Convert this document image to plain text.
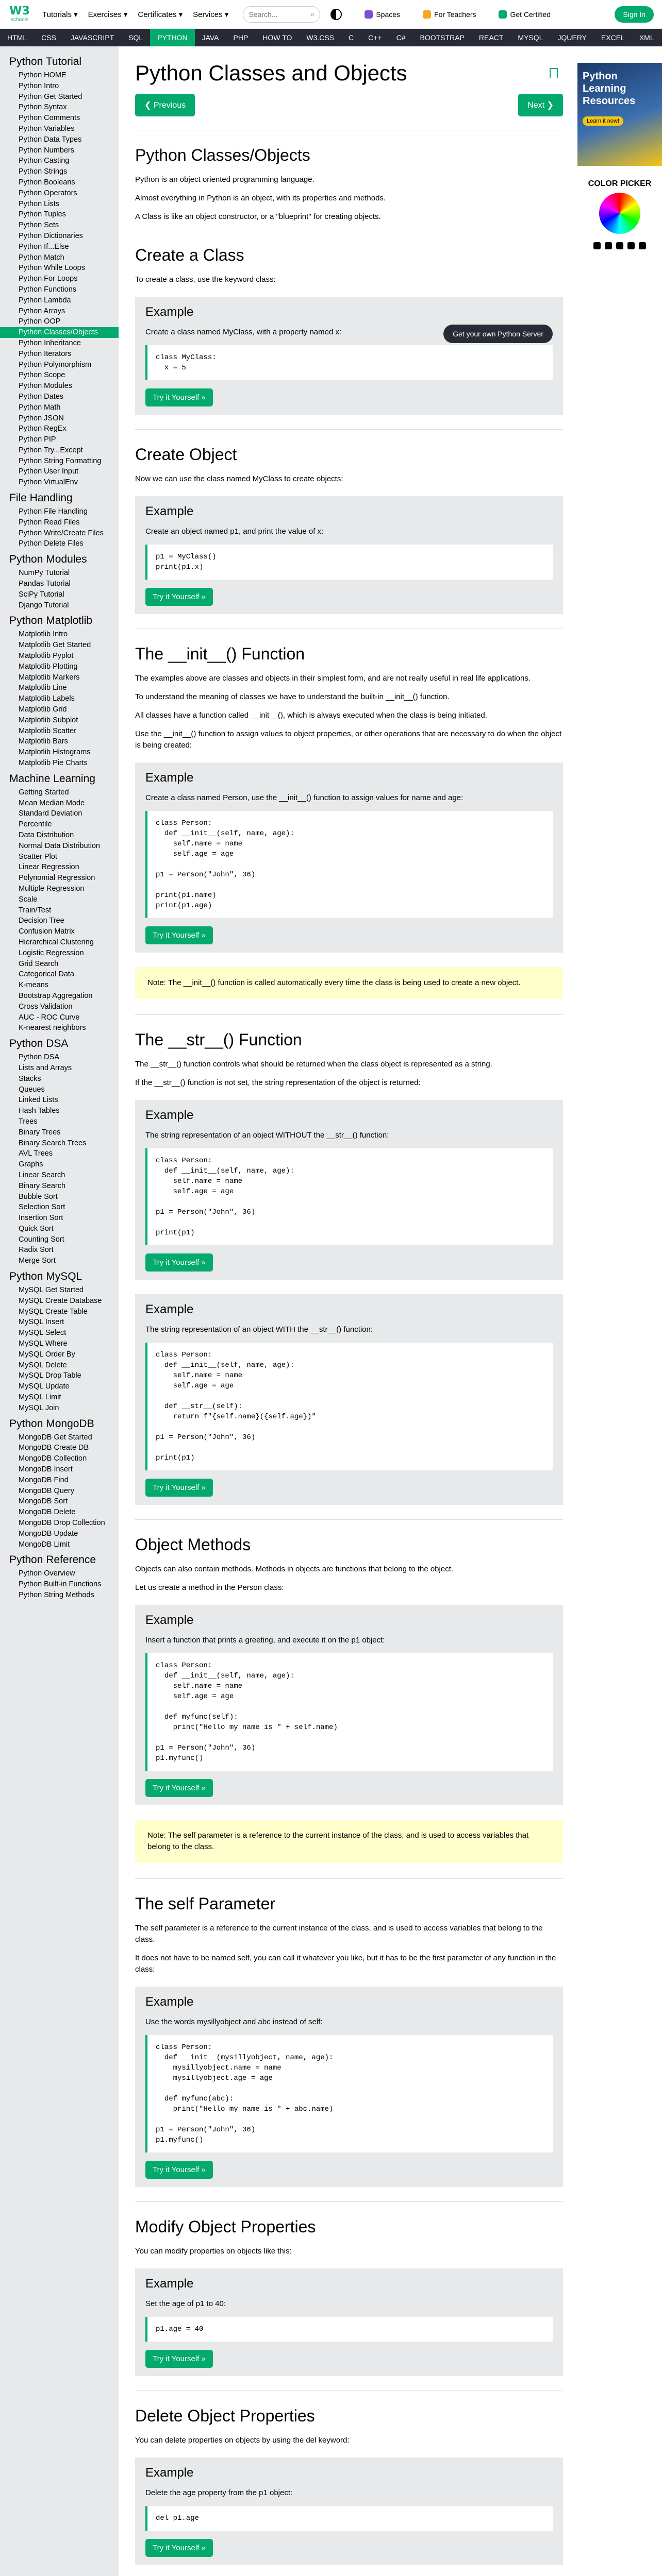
W3
schools
Tutorials ▾ Exercises ▾ Certificates ▾ Services ▾	Search...	⌕	Spaces	For Teachers	Get Certified	Sign In
HTML	CSS	JAVASCRIPT	SQL	PYTHON	JAVA	PHP	HOW TO	W3.CSS	C	C++	C#	BOOTSTRAP	REACT	MYSQL	JQUERY	EXCEL	XML
Python Tutorial
Python HOME
Python Intro
Python Get Started
Python Syntax
Python Comments
Python Variables
Python Data Types
Python Numbers
Python Casting
Python Strings
Python Booleans
Python Operators
Python Lists
Python Tuples
Python Sets
Python Dictionaries
Python If...Else
Python Match
Python While Loops
Python For Loops
Python Functions
Python Lambda
Python Arrays
Python OOP
Python Classes/Objects
Python Inheritance
Python Iterators
Python Polymorphism
Python Scope
Python Modules
Python Dates
Python Math
Python JSON
Python RegEx
Python PIP
Python Try...Except
Python String Formatting
Python User Input
Python VirtualEnv
File Handling
Python File Handling
Python Read Files
Python Write/Create Files
Python Delete Files
Python Modules
NumPy Tutorial
Pandas Tutorial
SciPy Tutorial
Django Tutorial
Python Matplotlib
Matplotlib Intro
Matplotlib Get Started
Matplotlib Pyplot
Matplotlib Plotting
Matplotlib Markers
Matplotlib Line
Matplotlib Labels
Matplotlib Grid
Matplotlib Subplot
Matplotlib Scatter
Matplotlib Bars
Matplotlib Histograms
Matplotlib Pie Charts
Machine Learning
Getting Started
Mean Median Mode
Standard Deviation
Percentile
Data Distribution
Normal Data Distribution
Scatter Plot
Linear Regression
Polynomial Regression
Multiple Regression
Scale
Train/Test
Decision Tree
Confusion Matrix
Hierarchical Clustering
Logistic Regression
Grid Search
Categorical Data
K-means
Bootstrap Aggregation
Cross Validation
AUC - ROC Curve
K-nearest neighbors
Python DSA
Python DSA
Lists and Arrays
Stacks
Queues
Linked Lists
Hash Tables
Trees
Binary Trees
Binary Search Trees
AVL Trees
Graphs
Linear Search
Binary Search
Bubble Sort
Selection Sort
Insertion Sort
Quick Sort
Counting Sort
Radix Sort
Merge Sort
Python MySQL
MySQL Get Started
MySQL Create Database
MySQL Create Table
MySQL Insert
MySQL Select
MySQL Where
MySQL Order By
MySQL Delete
MySQL Drop Table
MySQL Update
MySQL Limit
MySQL Join
Python MongoDB
MongoDB Get Started
MongoDB Create DB
MongoDB Collection
MongoDB Insert
MongoDB Find
MongoDB Query
MongoDB Sort
MongoDB Delete
MongoDB Drop Collection
MongoDB Update
MongoDB Limit
Python Reference
Python Overview
Python Built-in Functions
Python String Methods
Python Classes and Objects
❮ Previous	Next ❯
Python Classes/Objects

Python is an object oriented programming language.

Almost everything in Python is an object, with its properties and methods.

A Class is like an object constructor, or a "blueprint" for creating objects.

Create a Class

To create a class, use the keyword class:

Example
Get your own Python Server

Create a class named MyClass, with a property named x:

class MyClass:
x = 5
Try it Yourself »
Create Object

Now we can use the class named MyClass to create objects:

Example

Create an object named p1, and print the value of x:

p1 = MyClass()
print(p1.x)
Try it Yourself »
The __init__() Function

The examples above are classes and objects in their simplest form, and are not really useful in real life applications.

To understand the meaning of classes we have to understand the built-in __init__() function.

All classes have a function called __init__(), which is always executed when the class is being initiated.

Use the __init__() function to assign values to object properties, or other operations that are necessary to do when the object is being created:

Example

Create a class named Person, use the __init__() function to assign values for name and age:

class Person:
def __init__(self, name, age):
self.name = name
self.age = age

p1 = Person("John", 36)

print(p1.name)
print(p1.age)
Try it Yourself »
Note: The __init__() function is called automatically every time the class is being used to create a new object.
The __str__() Function

The __str__() function controls what should be returned when the class object is represented as a string.

If the __str__() function is not set, the string representation of the object is returned:

Example

The string representation of an object WITHOUT the __str__() function:

class Person:
def __init__(self, name, age):
self.name = name
self.age = age

p1 = Person("John", 36)

print(p1)
Try it Yourself »
Example

The string representation of an object WITH the __str__() function:

class Person:
def __init__(self, name, age):
self.name = name
self.age = age

def __str__(self):
return f"{self.name}({self.age})"

p1 = Person("John", 36)

print(p1)
Try it Yourself »
Object Methods

Objects can also contain methods. Methods in objects are functions that belong to the object.

Let us create a method in the Person class:

Example

Insert a function that prints a greeting, and execute it on the p1 object:

class Person:
def __init__(self, name, age):
self.name = name
self.age = age

def myfunc(self):
print("Hello my name is " + self.name)

p1 = Person("John", 36)
p1.myfunc()
Try it Yourself »
Note: The self parameter is a reference to the current instance of the class, and is used to access variables that belong to the class.
The self Parameter

The self parameter is a reference to the current instance of the class, and is used to access variables that belong to the class.

It does not have to be named self, you can call it whatever you like, but it has to be the first parameter of any function in the class:

Example

Use the words mysillyobject and abc instead of self:

class Person:
def __init__(mysillyobject, name, age):
mysillyobject.name = name
mysillyobject.age = age

def myfunc(abc):
print("Hello my name is " + abc.name)

p1 = Person("John", 36)
p1.myfunc()
Try it Yourself »
Modify Object Properties

You can modify properties on objects like this:

Example

Set the age of p1 to 40:

p1.age = 40
Try it Yourself »
Delete Object Properties

You can delete properties on objects by using the del keyword:

Example

Delete the age property from the p1 object:

del p1.age
Try it Yourself »

Python Learning Resources
Learn it now!
COLOR PICKER
